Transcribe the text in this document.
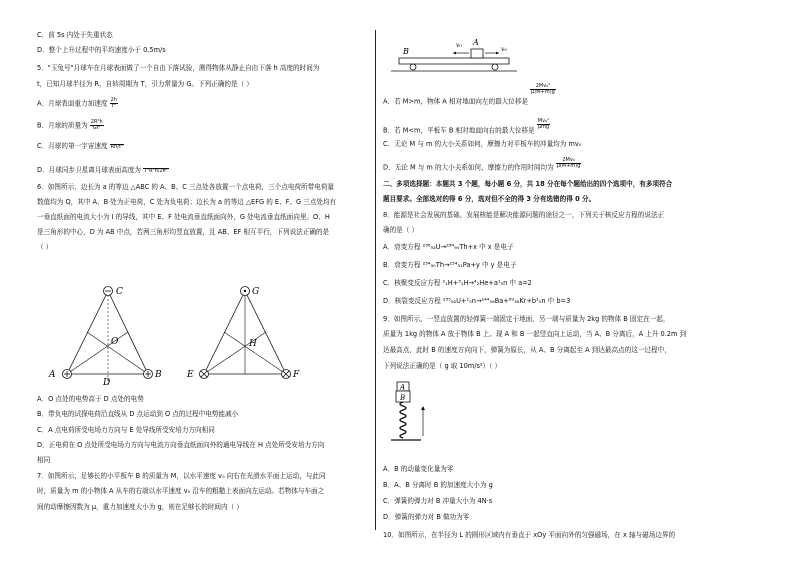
C．前 5s 内处于失重状态
D．整个上升过程中的平均速度小于 0.5m/s
5．"玉兔号"月球车在月球表面做了一个自由下落试验，测得物体从静止自由下落 h 高度的时间为
t，已知月球半径为 R，自转周期为 T，引力常量为 G。下列正确的是（ ）
A．月球表面重力加速度 $\frac{2h}{\text{t²}}$
B．月球的质量为 $\frac{\text{2R²h}}{\text{Gt²}}$
C．月球的第一宇宙速度 Rh/t²
D．月球同步卫星离月球表面高度为 T²R²h/2π²
6．如图所示，边长为 a 的等边 △ABC 的 A、B、C 三点处各放置一个点电荷，三个点电荷所带电荷量
数值均为 Q，其中 A、B 处为正电荷，C 处为负电荷；边长为 a 的等边 △EFG 的 E、F、G 三点处均有
一垂直纸面的电流大小为 I 的导线，其中 E、F 处电流垂直纸面向外，G 处电流垂直纸面向里。O、H
是三角形的中心，D 为 AB 中点，若两三角形均竖直放置，且 AB、EF 相互平行，下列说法正确的是
（ ）
C
O
A
D
B
G
H
E	F
A．O 点处的电势高于 D 点处的电势
B．带负电的试探电荷沿直线从 D 点运动到 O 点的过程中电势能减小
C．A 点电荷所受电场力方向与 E 处导线所受安培力方向相同
D．正电荷在 O 点处所受电场力方向与电流方向垂直纸面向外的通电导线在 H 点处所受安培力方向
相同
7．如图所示，足够长的小平板车 B 的质量为 M，以水平速度 v₀ 向右在光滑水平面上运动，与此同
时，质量为 m 的小物体 A 从车的右端以水平速度 v₀ 沿车的粗糙上表面向左运动。若物体与车面之
间的动摩擦因数为 μ，重力加速度大小为 g，则在足够长的时间内（ ）
A
B
v₀
v₀
A．若 M>m，物体 A 相对地面向左的最大位移是
$\frac{\text{2Mv₀²}}{\mu(M+m)g}$
B．若 M<m，平板车 B 相对地面向右的最大位移是
$\frac{\text{Mv₀²}}{\text{μmg}}$
C．无论 M 与 m 的大小关系如何，摩擦力对平板车的冲量均为 mv₀
D．无论 M 与 m 的大小关系如何，摩擦力的作用时间均为 $\frac{\text{2Mv₀}}{\mu(M+m)g}$
二、多项选择题：本题共 3 个题，每小题 6 分，共 18 分在每个题给出的四个选项中，有多项符合
题目要求。全部选对的得 6 分，选对但不全的得 3 分有选错的得 0 分。
8．能源是社会发展的基础，发展核能是解决能源问题的途径之一，下列关于核反应方程的说法正
确的是（ ）
A．衰变方程 ²³⁸₉₂U→²³⁴₉₀Th+x 中 x 是电子
B．衰变方程 ²³⁴₉₀Th→²³⁴₉₁Pa+y 中 y 是电子
C．核聚变反应方程 ²₁H+³₁H→⁴₂He+a¹₀n 中 a=2
D．核裂变反应方程 ²³⁵₉₂U+¹₀n→¹⁴⁴₅₆Ba+⁸⁹₃₆Kr+b¹₀n 中 b=3
9．如图所示，一竖直放置的轻弹簧一端固定于地面，另一端与质量为 2kg 的物体 B 固定在一起，
质量为 1kg 的物体 A 放于物体 B 上。现 A 和 B 一起竖直向上运动，当 A、B 分离后，A 上升 0.2m 到
达最高点，此时 B 的速度方向向下，弹簧为原长，从 A、B 分离起至 A 到达最高点的这一过程中，
下列说法正确的是（ g 取 10m/s²）（ ）
A
B
A．B 的动量变化量为零
B．A、B 分离时 B 的加速度大小为 g
C．弹簧的弹力对 B 冲量大小为 4N·s
D．弹簧的弹力对 B 做功为零
10．如图所示，在半径为 L 的圆形区域内有垂直于 xOy 平面向外的匀强磁场，在 x 轴与磁场边界的
